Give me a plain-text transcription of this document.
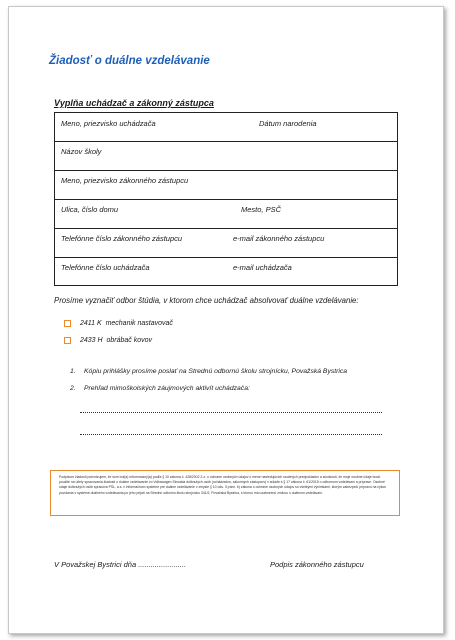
Žiadosť o duálne vzdelávanie
Vyplňa uchádzač a zákonný zástupca
Meno, priezvisko uchádzača	Dátum narodenia
Názov školy
Meno, priezvisko zákonného zástupcu
Ulica, číslo domu	Mesto, PSČ
Telefónne číslo zákonného zástupcu	e-mail zákonného zástupcu
Telefónne číslo uchádzača	e-mail uchádzača
Prosíme vyznačiť odbor štúdia, v ktorom chce uchádzač absolvovať duálne vzdelávanie:
2411 K mechanik nastavovač
2433 H obrábač kovov
1. Kópiu prihlášky prosíme poslať na Strednú odbornú školu strojnícku, Považská Bystrica
2. Prehľad mimoškolských záujmových aktivít uchádzača:
Podpisom žiadosti potvrdzujem, že som bol(a) informovaný(á) podľa § 10 zákona č. 428/2002 Z.z. o ochrane osobných údajov o mene nasledujúcich osobných predpokladov a súvislostí, že moje osobné údaje budú použité na účely spracovania žiadosti o duálne vzdelávanie vo Volkswagen Slovakia dotknutých osôb (uchádzačov, zákonných zástupcov) v súlade s § 17 zákona č. 61/2015 o odbornom vzdelávaní a príprave. Osobné údaje dotknutých osôb spracúva PSL, a.s. v informačnom systéme pre duálne vzdelávanie v zmysle § 10 ods. 3 písm. b) zákona o ochrane osobných údajov so všetkými výnimkami, ktorým zabezpečí prípravu na výkon povolania v systéme duálneho vzdelávania po jeho prijatí na Strednú odbornú školu strojnícku 341/2, Považská Bystrica, s ktorou má uzatvorenú zmluvu o duálnom vzdelávaní.
V Považskej Bystrici dňa .......................	Podpis zákonného zástupcu
